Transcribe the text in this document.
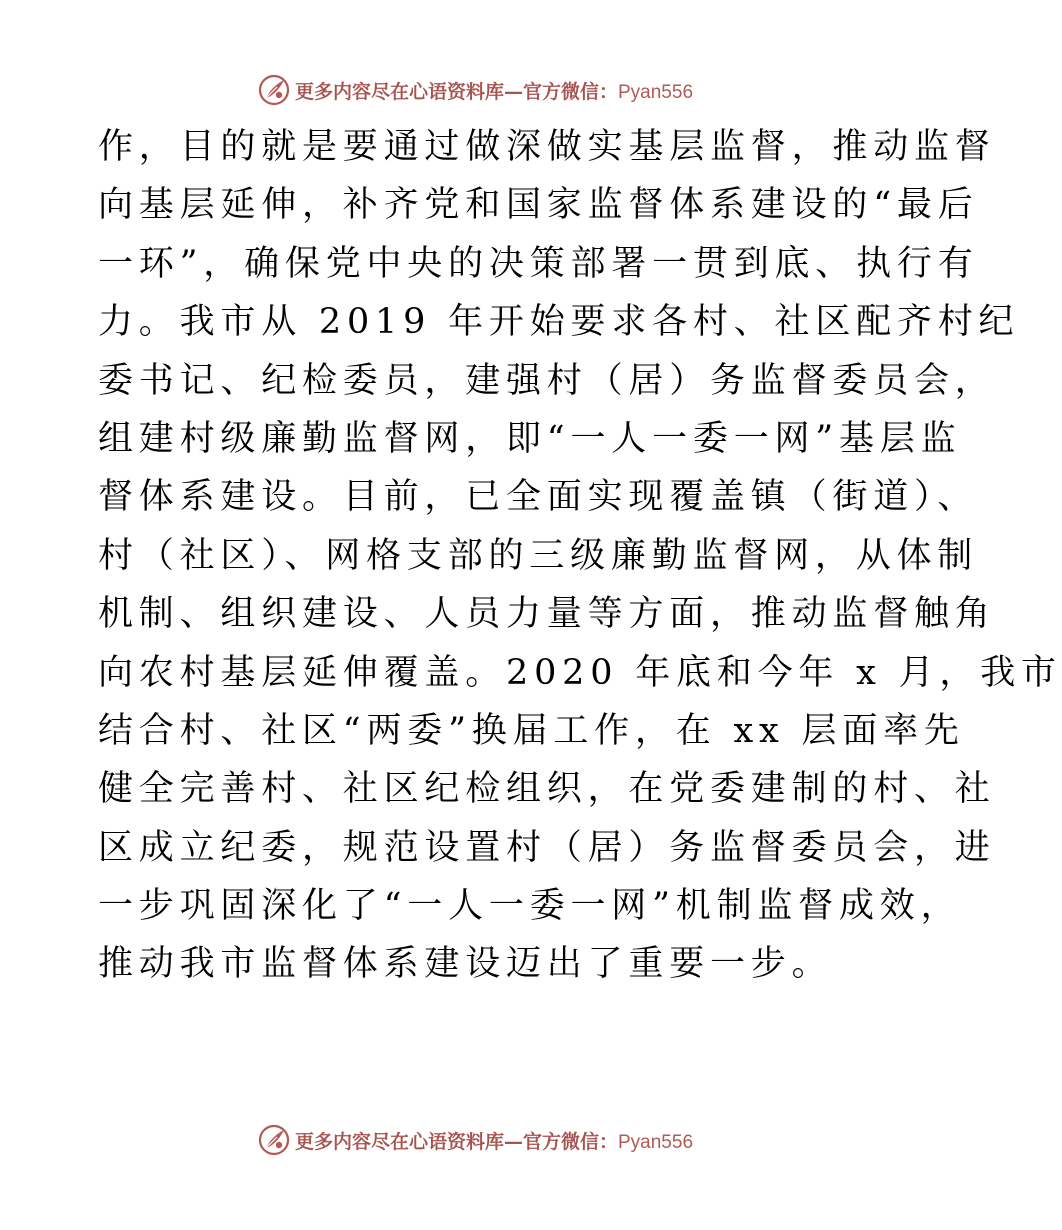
更多内容尽在心语资料库—官方微信：Pyan556
作，目的就是要通过做深做实基层监督，推动监督
向基层延伸，补齐党和国家监督体系建设的“最后
一环”，确保党中央的决策部署一贯到底、执行有
力。我市从 2019 年开始要求各村、社区配齐村纪
委书记、纪检委员，建强村（居）务监督委员会，
组建村级廉勤监督网，即“一人一委一网”基层监
督体系建设。目前，已全面实现覆盖镇（街道）、
村（社区）、网格支部的三级廉勤监督网，从体制
机制、组织建设、人员力量等方面，推动监督触角
向农村基层延伸覆盖。2020 年底和今年 x 月，我市
结合村、社区“两委”换届工作，在 xx 层面率先
健全完善村、社区纪检组织，在党委建制的村、社
区成立纪委，规范设置村（居）务监督委员会，进
一步巩固深化了“一人一委一网”机制监督成效，
推动我市监督体系建设迈出了重要一步。
更多内容尽在心语资料库—官方微信：Pyan556
